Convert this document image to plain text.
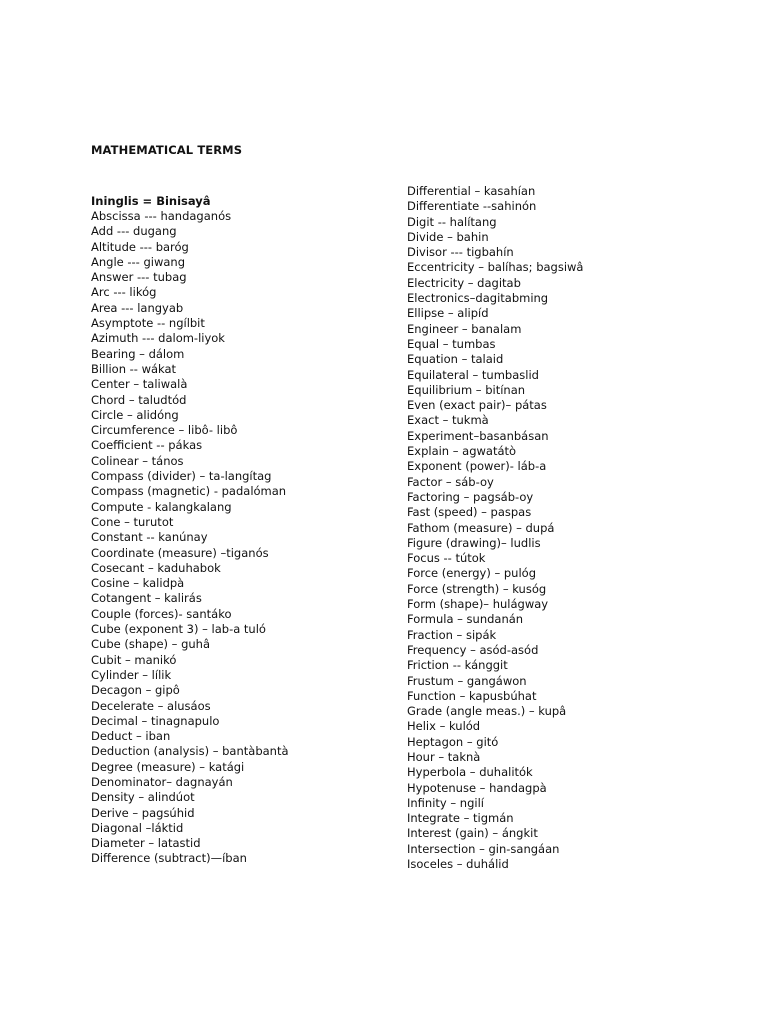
MATHEMATICAL TERMS
Ininglis = Binisayâ
Abscissa --- handaganós
Add --- dugang
Altitude --- baróg
Angle --- giwang
Answer --- tubag
Arc --- likóg
Area --- langyab
Asymptote -- ngílbit
Azimuth --- dalom-liyok
Bearing – dálom
Billion -- wákat
Center – taliwalà
Chord – taludtód
Circle – alidóng
Circumference – libô- libô
Coefficient -- pákas
Colinear – tános
Compass (divider) – ta-langítag
Compass (magnetic) - padalóman
Compute - kalangkalang
Cone – turutot
Constant -- kanúnay
Coordinate (measure) –tiganós
Cosecant – kaduhabok
Cosine – kalidpà
Cotangent – kalirás
Couple (forces)- santáko
Cube (exponent 3) – lab-a tuló
Cube (shape) – guhâ
Cubit – manikó
Cylinder – lílik
Decagon – gipô
Decelerate – alusáos
Decimal – tinagnapulo
Deduct – iban
Deduction (analysis) – bantàbantà
Degree (measure) – katági
Denominator– dagnayán
Density – alindúot
Derive – pagsúhid
Diagonal –láktid
Diameter – latastid
Difference (subtract)—íban
Differential – kasahían
Differentiate --sahinón
Digit -- halítang
Divide – bahin
Divisor --- tigbahín
Eccentricity – balíhas; bagsiwâ
Electricity – dagitab
Electronics–dagitabming
Ellipse – alipíd
Engineer – banalam
Equal – tumbas
Equation – talaid
Equilateral – tumbaslid
Equilibrium – bitínan
Even (exact pair)– pátas
Exact – tukmà
Experiment–basanbásan
Explain – agwatátò
Exponent (power)- láb-a
Factor – sáb-oy
Factoring – pagsáb-oy
Fast (speed) – paspas
Fathom (measure) – dupá
Figure (drawing)– ludlis
Focus -- tútok
Force (energy) – pulóg
Force (strength) – kusóg
Form (shape)– hulágway
Formula – sundanán
Fraction – sipák
Frequency – asód-asód
Friction -- kánggit
Frustum – gangáwon
Function – kapusbúhat
Grade (angle meas.) – kupâ
Helix – kulód
Heptagon – gitó
Hour – taknà
Hyperbola – duhalitók
Hypotenuse – handagpà
Infinity – ngilí
Integrate – tigmán
Interest (gain) – ángkit
Intersection – gin-sangáan
Isoceles – duhálid
